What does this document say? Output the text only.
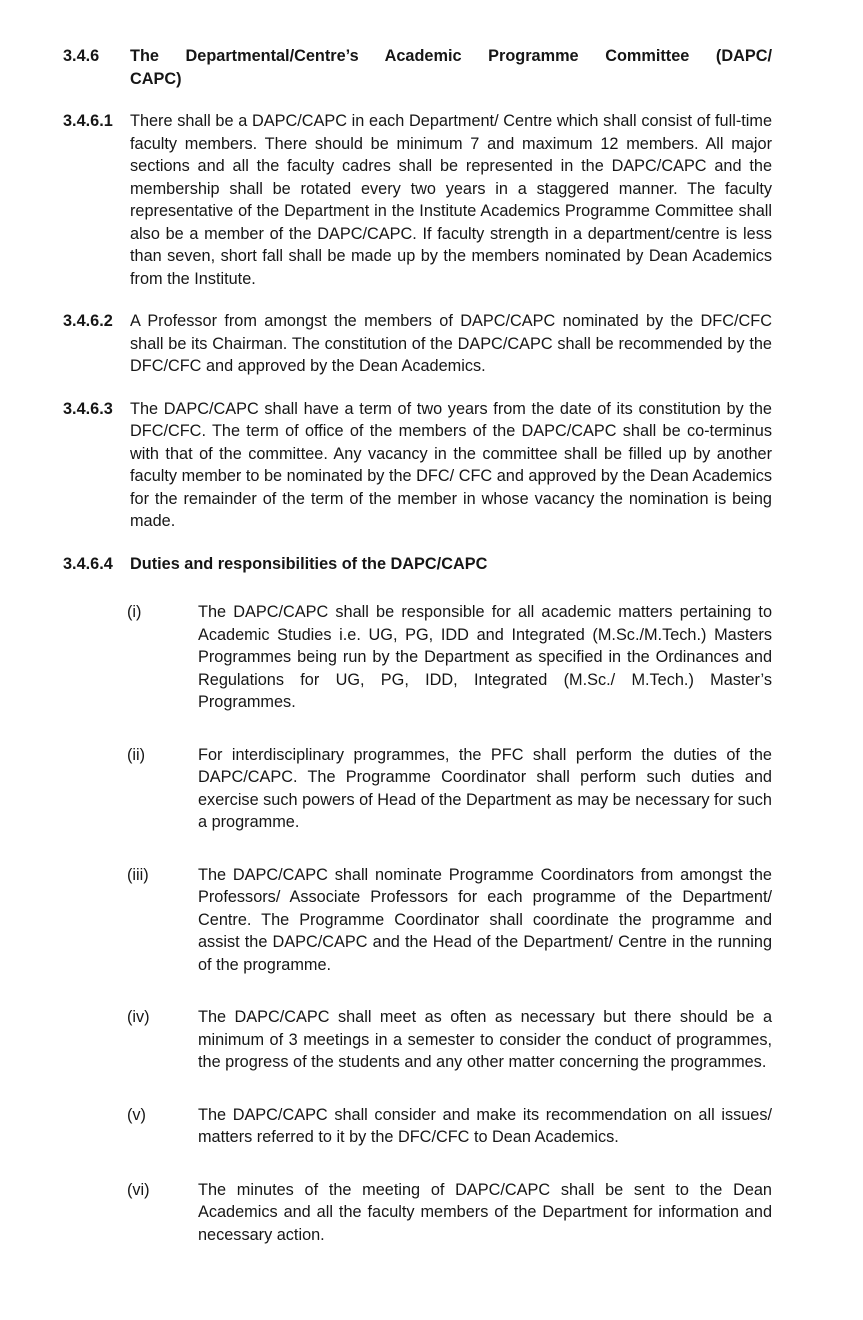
3.4.6	The Departmental/Centre’s Academic Programme Committee (DAPC/
CAPC)
3.4.6.1	There shall be a DAPC/CAPC in each Department/ Centre which shall consist of full-time faculty members. There should be minimum 7 and maximum 12 members. All major sections and all the faculty cadres shall be represented in the DAPC/CAPC and the membership shall be rotated every two years in a staggered manner. The faculty representative of the Department in the Institute Academics Programme Committee shall also be a member of the DAPC/CAPC. If faculty strength in a department/centre is less than seven, short fall shall be made up by the members nominated by Dean Academics from the Institute.
3.4.6.2	A Professor from amongst the members of DAPC/CAPC nominated by the DFC/CFC shall be its Chairman. The constitution of the DAPC/CAPC shall be recommended by the DFC/CFC and approved by the Dean Academics.
3.4.6.3	The DAPC/CAPC shall have a term of two years from the date of its constitution by the DFC/CFC. The term of office of the members of the DAPC/CAPC shall be co-terminus with that of the committee. Any vacancy in the committee shall be filled up by another faculty member to be nominated by the DFC/ CFC and approved by the Dean Academics for the remainder of the term of the member in whose vacancy the nomination is being made.
3.4.6.4	Duties and responsibilities of the DAPC/CAPC
(i)	The DAPC/CAPC shall be responsible for all academic matters pertaining to Academic Studies i.e. UG, PG, IDD and Integrated (M.Sc./M.Tech.) Masters Programmes being run by the Department as specified in the Ordinances and Regulations for UG, PG, IDD, Integrated (M.Sc./ M.Tech.) Master’s Programmes.
(ii)	For interdisciplinary programmes, the PFC shall perform the duties of the DAPC/CAPC. The Programme Coordinator shall perform such duties and exercise such powers of Head of the Department as may be necessary for such a programme.
(iii)	The DAPC/CAPC shall nominate Programme Coordinators from amongst the Professors/ Associate Professors for each programme of the Department/ Centre. The Programme Coordinator shall coordinate the programme and assist the DAPC/CAPC and the Head of the Department/ Centre in the running of the programme.
(iv)	The DAPC/CAPC shall meet as often as necessary but there should be a minimum of 3 meetings in a semester to consider the conduct of programmes, the progress of the students and any other matter concerning the programmes.
(v)	The DAPC/CAPC shall consider and make its recommendation on all issues/ matters referred to it by the DFC/CFC to Dean Academics.
(vi)	The minutes of the meeting of DAPC/CAPC shall be sent to the Dean Academics and all the faculty members of the Department for information and necessary action.
